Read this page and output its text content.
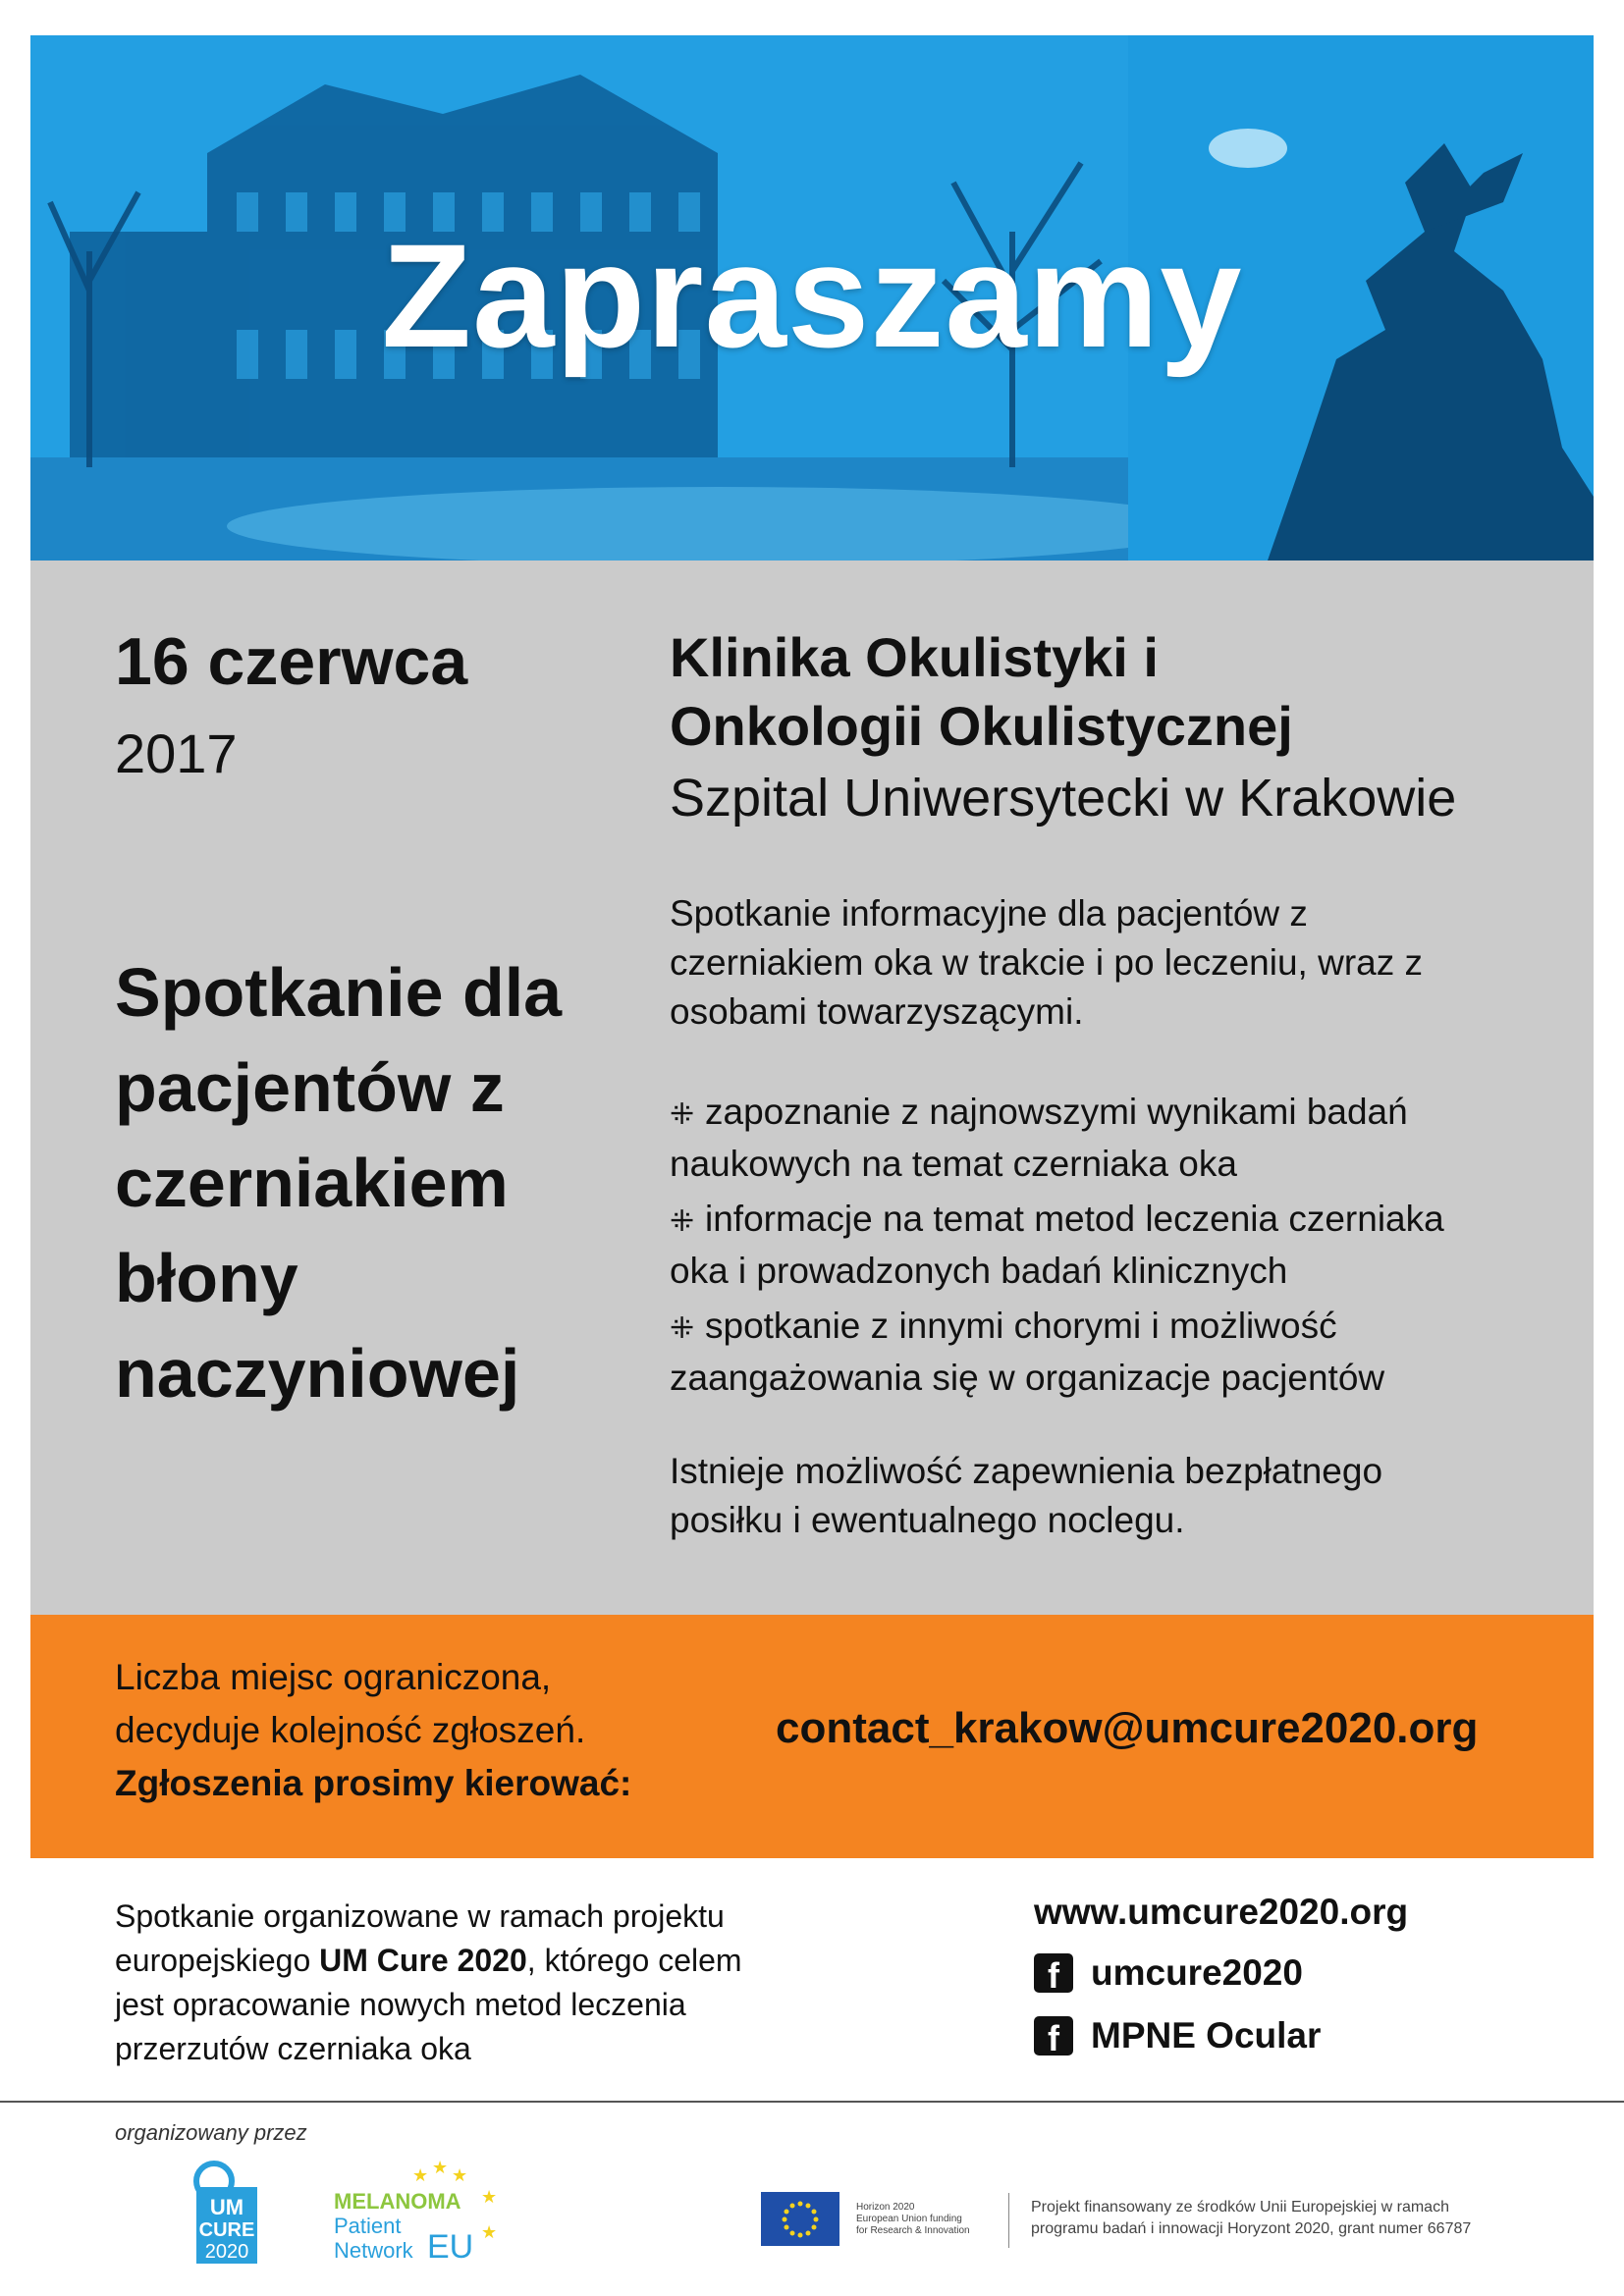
Zapraszamy
16 czerwca
2017
Klinika Okulistyki i
Onkologii Okulistycznej
Szpital Uniwersytecki w Krakowie
Spotkanie dla
pacjentów z
czerniakiem
błony
naczyniowej
Spotkanie informacyjne dla pacjentów z
czerniakiem oka w trakcie i po leczeniu, wraz z
osobami towarzyszącymi.
⁜ zapoznanie z najnowszymi wynikami badań
naukowych na temat czerniaka oka
⁜ informacje na temat metod leczenia czerniaka
oka i prowadzonych badań klinicznych
⁜ spotkanie z innymi chorymi i możliwość
zaangażowania się w organizacje pacjentów
Istnieje możliwość zapewnienia bezpłatnego
posiłku i ewentualnego noclegu.
Liczba miejsc ograniczona,
decyduje kolejność zgłoszeń.
Zgłoszenia prosimy kierować:
contact_krakow@umcure2020.org
Spotkanie organizowane w ramach projektu
europejskiego UM Cure 2020, którego celem
jest opracowanie nowych metod leczenia
przerzutów czerniaka oka
www.umcure2020.org
f
umcure2020
f
MPNE Ocular
organizowany przez
UM
CURE
2020
★ ★ ★
★
★
MELANOMA
Patient
Network EU
Horizon 2020
European Union funding
for Research & Innovation
Projekt finansowany ze środków Unii Europejskiej w ramach
programu badań i innowacji Horyzont 2020, grant numer 66787
